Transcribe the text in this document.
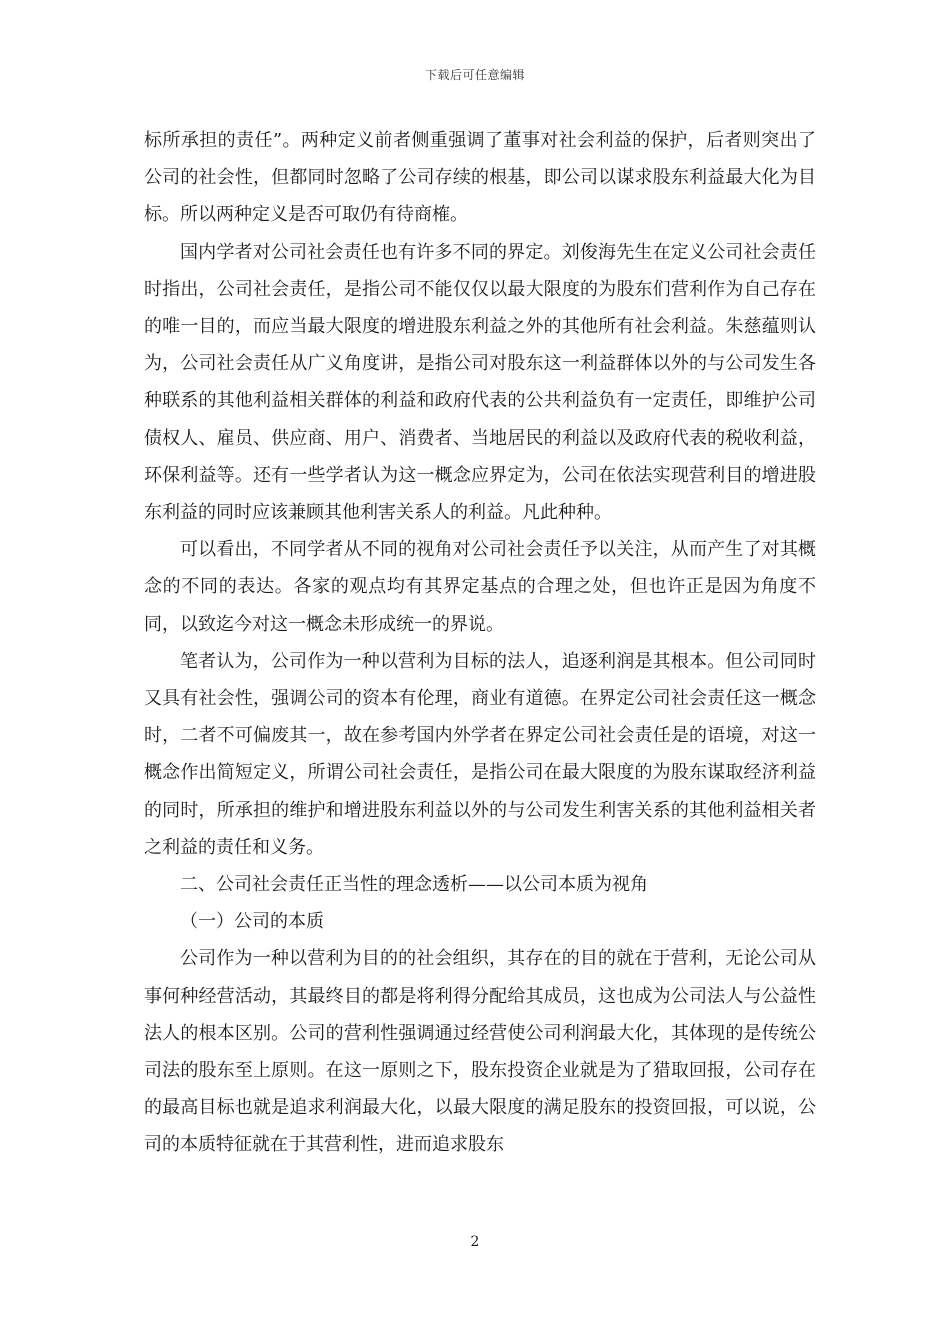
下载后可任意编辑

标所承担的责任”。两种定义前者侧重强调了董事对社会利益的保护，后者则突出了公司的社会性，但都同时忽略了公司存续的根基，即公司以谋求股东利益最大化为目标。所以两种定义是否可取仍有待商榷。

国内学者对公司社会责任也有许多不同的界定。刘俊海先生在定义公司社会责任时指出，公司社会责任，是指公司不能仅仅以最大限度的为股东们营利作为自己存在的唯一目的，而应当最大限度的增进股东利益之外的其他所有社会利益。朱慈蕴则认为，公司社会责任从广义角度讲，是指公司对股东这一利益群体以外的与公司发生各种联系的其他利益相关群体的利益和政府代表的公共利益负有一定责任，即维护公司债权人、雇员、供应商、用户、消费者、当地居民的利益以及政府代表的税收利益，环保利益等。还有一些学者认为这一概念应界定为，公司在依法实现营利目的增进股东利益的同时应该兼顾其他利害关系人的利益。凡此种种。

可以看出，不同学者从不同的视角对公司社会责任予以关注，从而产生了对其概念的不同的表达。各家的观点均有其界定基点的合理之处，但也许正是因为角度不同，以致迄今对这一概念未形成统一的界说。

笔者认为，公司作为一种以营利为目标的法人，追逐利润是其根本。但公司同时又具有社会性，强调公司的资本有伦理，商业有道德。在界定公司社会责任这一概念时，二者不可偏废其一，故在参考国内外学者在界定公司社会责任是的语境，对这一概念作出简短定义，所谓公司社会责任，是指公司在最大限度的为股东谋取经济利益的同时，所承担的维护和增进股东利益以外的与公司发生利害关系的其他利益相关者之利益的责任和义务。

二、公司社会责任正当性的理念透析——以公司本质为视角

（一）公司的本质

公司作为一种以营利为目的的社会组织，其存在的目的就在于营利，无论公司从事何种经营活动，其最终目的都是将利得分配给其成员，这也成为公司法人与公益性法人的根本区别。公司的营利性强调通过经营使公司利润最大化，其体现的是传统公司法的股东至上原则。在这一原则之下，股东投资企业就是为了猎取回报，公司存在的最高目标也就是追求利润最大化，以最大限度的满足股东的投资回报，可以说，公司的本质特征就在于其营利性，进而追求股东

2
